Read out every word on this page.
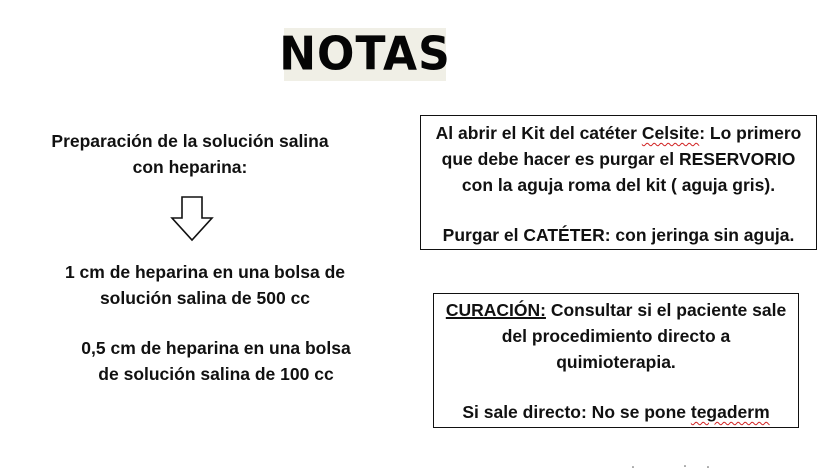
NOTAS
Preparación de la solución salina
con heparina:
1 cm de heparina en una bolsa de
solución salina de 500 cc
0,5 cm de heparina en una bolsa
de solución salina de 100 cc

Al abrir el Kit del catéter Celsite: Lo primero

que debe hacer es purgar el RESERVORIO

con la aguja roma del kit ( aguja gris).

Purgar el CATÉTER: con jeringa sin aguja.

CURACIÓN: Consultar si el paciente sale

del procedimiento directo a

quimioterapia.

Si sale directo: No se pone tegaderm
